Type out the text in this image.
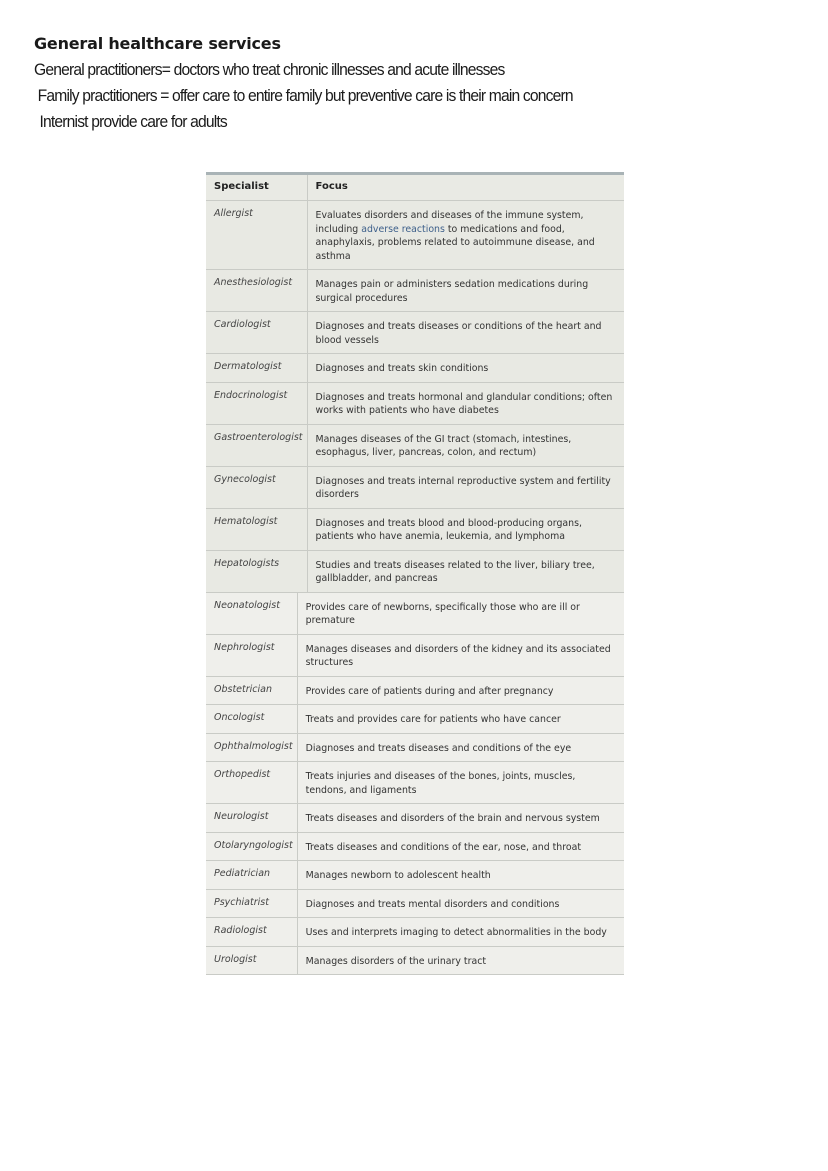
General healthcare services
General practitioners= doctors who treat chronic illnesses and acute illnesses
Family practitioners = offer care to entire family but preventive care is their main concern
Internist provide care for adults
Specialist	Focus
Allergist	Evaluates disorders and diseases of the immune system, including adverse reactions to medications and food, anaphylaxis, problems related to autoimmune disease, and asthma
Anesthesiologist	Manages pain or administers sedation medications during surgical procedures
Cardiologist	Diagnoses and treats diseases or conditions of the heart and blood vessels
Dermatologist	Diagnoses and treats skin conditions
Endocrinologist	Diagnoses and treats hormonal and glandular conditions; often works with patients who have diabetes
Gastroenterologist	Manages diseases of the GI tract (stomach, intestines, esophagus, liver, pancreas, colon, and rectum)
Gynecologist	Diagnoses and treats internal reproductive system and fertility disorders
Hematologist	Diagnoses and treats blood and blood-producing organs, patients who have anemia, leukemia, and lymphoma
Hepatologists	Studies and treats diseases related to the liver, biliary tree, gallbladder, and pancreas
Neonatologist	Provides care of newborns, specifically those who are ill or premature
Nephrologist	Manages diseases and disorders of the kidney and its associated structures
Obstetrician	Provides care of patients during and after pregnancy
Oncologist	Treats and provides care for patients who have cancer
Ophthalmologist	Diagnoses and treats diseases and conditions of the eye
Orthopedist	Treats injuries and diseases of the bones, joints, muscles, tendons, and ligaments
Neurologist	Treats diseases and disorders of the brain and nervous system
Otolaryngologist	Treats diseases and conditions of the ear, nose, and throat
Pediatrician	Manages newborn to adolescent health
Psychiatrist	Diagnoses and treats mental disorders and conditions
Radiologist	Uses and interprets imaging to detect abnormalities in the body
Urologist	Manages disorders of the urinary tract
